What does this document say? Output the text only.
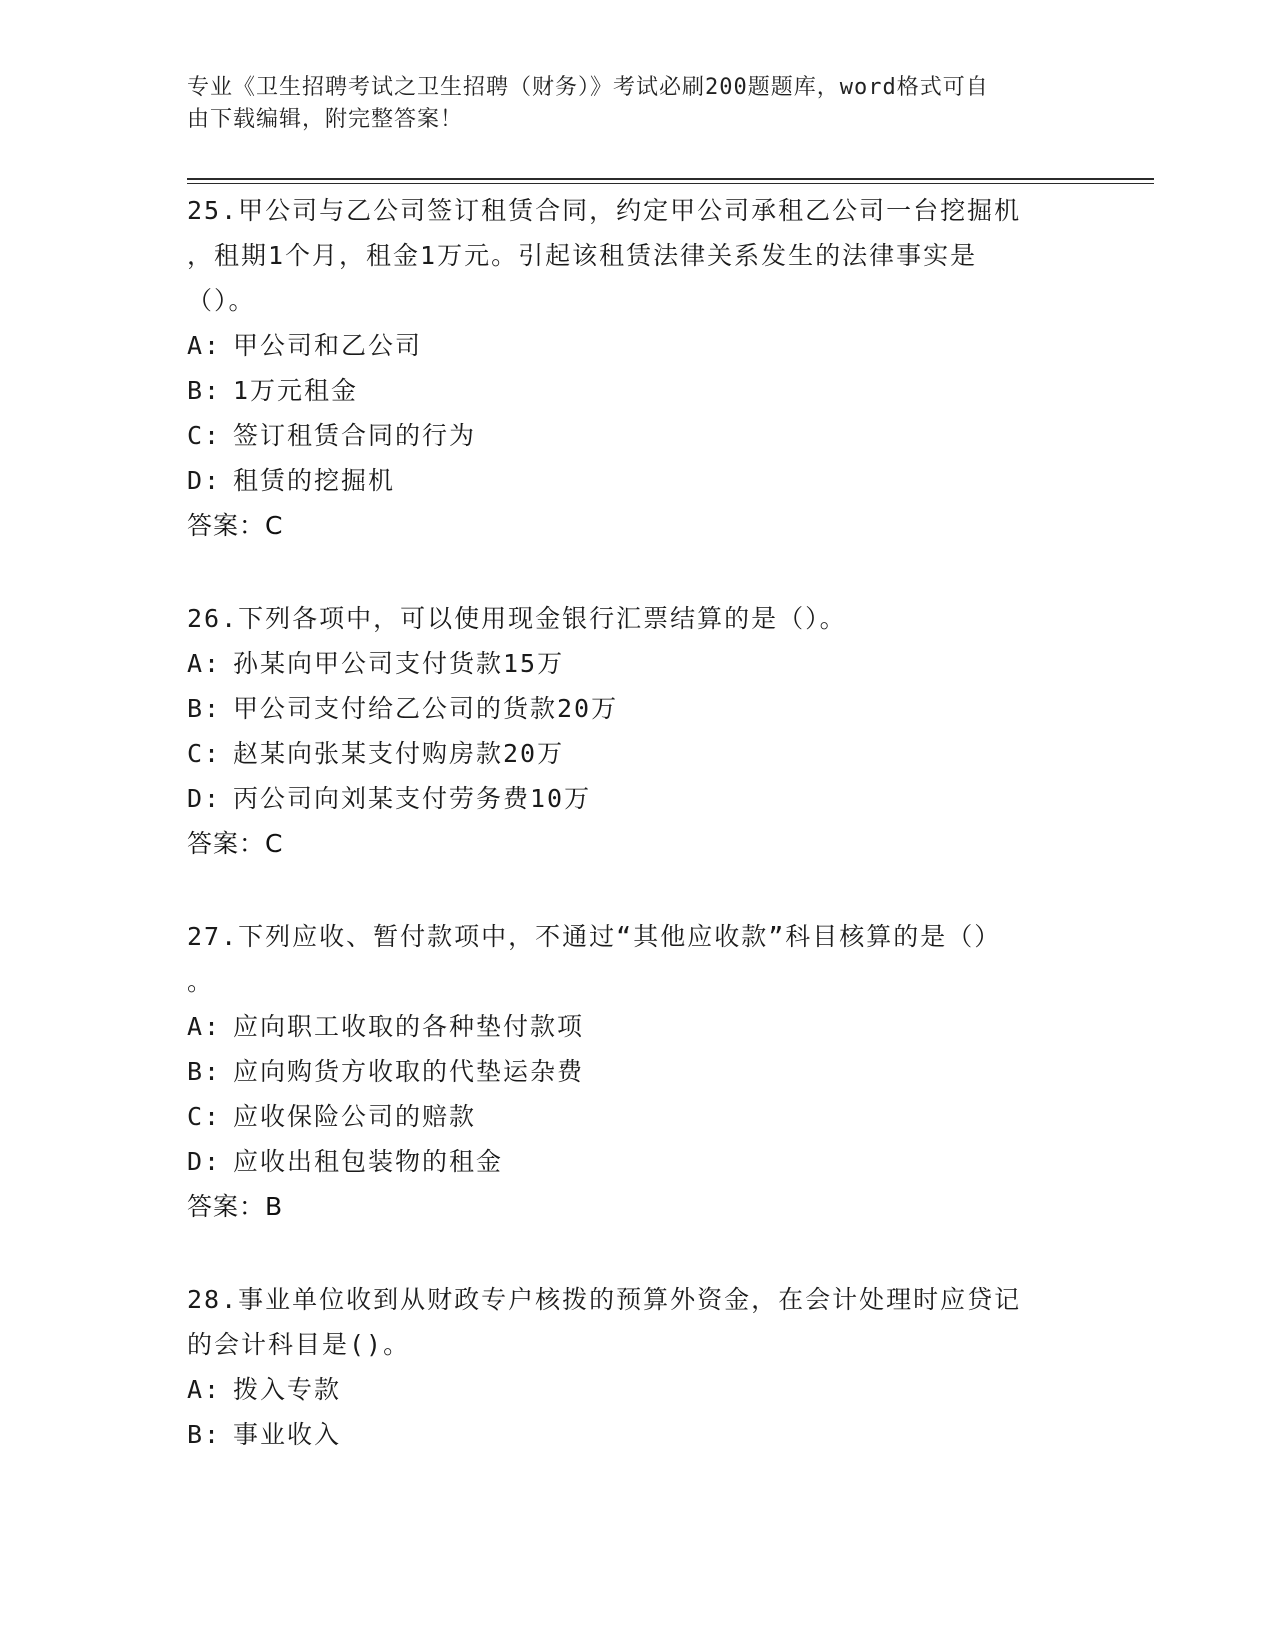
专业《卫生招聘考试之卫生招聘（财务）》考试必刷200题题库，word格式可自
由下载编辑，附完整答案！
25.甲公司与乙公司签订租赁合同，约定甲公司承租乙公司一台挖掘机
，租期1个月，租金1万元。引起该租赁法律关系发生的法律事实是
（）。
A: 甲公司和乙公司
B: 1万元租金
C: 签订租赁合同的行为
D: 租赁的挖掘机
答案：C
26.下列各项中，可以使用现金银行汇票结算的是（）。
A: 孙某向甲公司支付货款15万
B: 甲公司支付给乙公司的货款20万
C: 赵某向张某支付购房款20万
D: 丙公司向刘某支付劳务费10万
答案：C
27.下列应收、暂付款项中，不通过“其他应收款”科目核算的是（）
。
A: 应向职工收取的各种垫付款项
B: 应向购货方收取的代垫运杂费
C: 应收保险公司的赔款
D: 应收出租包装物的租金
答案：B
28.事业单位收到从财政专户核拨的预算外资金，在会计处理时应贷记
的会计科目是()。
A: 拨入专款
B: 事业收入
